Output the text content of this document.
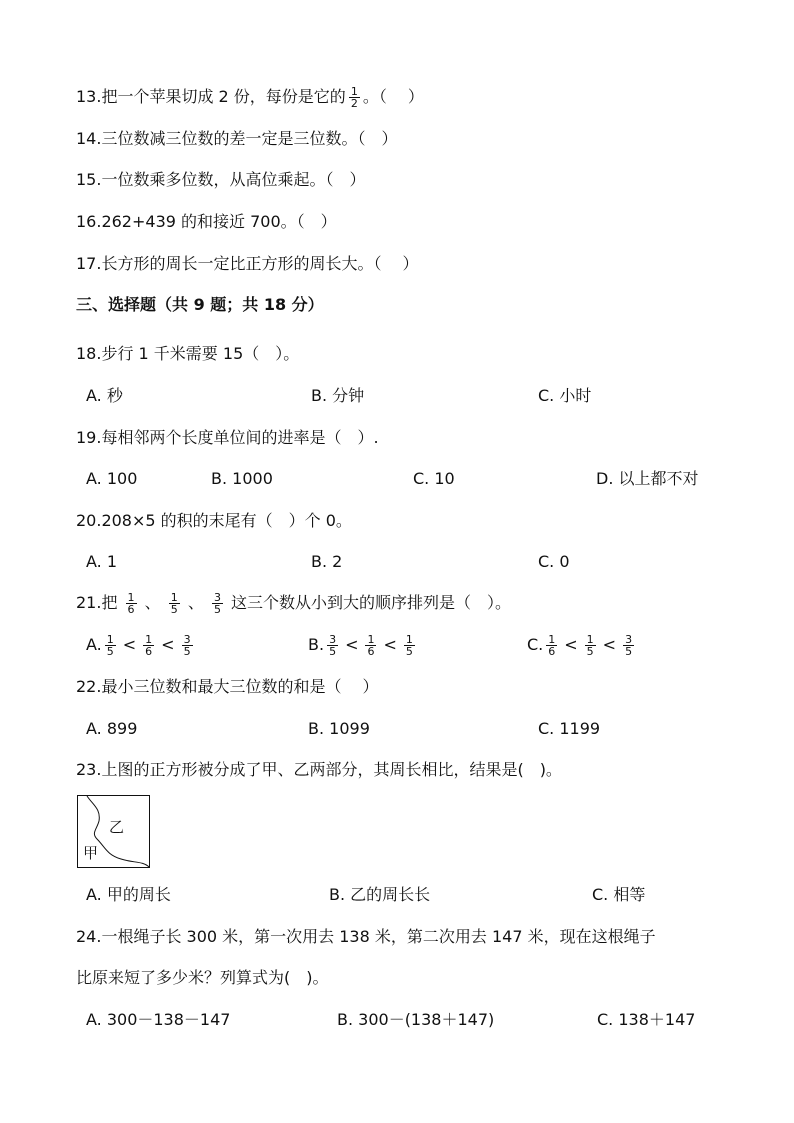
13.把一个苹果切成 2 份，每份是它的 $\frac{1}{2}$ 。（　 ）
14.三位数减三位数的差一定是三位数。（　）
15.一位数乘多位数，从高位乘起。（　）
16.262+439 的和接近 700。（　）
17.长方形的周长一定比正方形的周长大。（　 ）
三、选择题（共 9 题；共 18 分）
18.步行 1 千米需要 15（　）。
A. 秒	B. 分钟	C. 小时
19.每相邻两个长度单位间的进率是（　）.
A. 100	B. 1000	C. 10	D. 以上都不对
20.208×5 的积的末尾有（　）个 0。
A. 1	B. 2	C. 0
21.把 $\frac{1}{6}$ 、 $\frac{1}{5}$ 、 $\frac{3}{5}$ 这三个数从小到大的顺序排列是（　）。
A. $\frac{1}{5} < \frac{1}{6} < \frac{3}{5}$	B. $\frac{3}{5} < \frac{1}{6} < \frac{1}{5}$	C. $\frac{1}{6} < \frac{1}{5} < \frac{3}{5}$
22.最小三位数和最大三位数的和是（　 ）
A. 899	B. 1099	C. 1199
23.上图的正方形被分成了甲、乙两部分，其周长相比，结果是(　)。
乙
甲
A. 甲的周长	B. 乙的周长长	C. 相等
24.一根绳子长 300 米，第一次用去 138 米，第二次用去 147 米，现在这根绳子
比原来短了多少米？列算式为(　)。
A. 300－138－147	B. 300－(138＋147)	C. 138＋147
